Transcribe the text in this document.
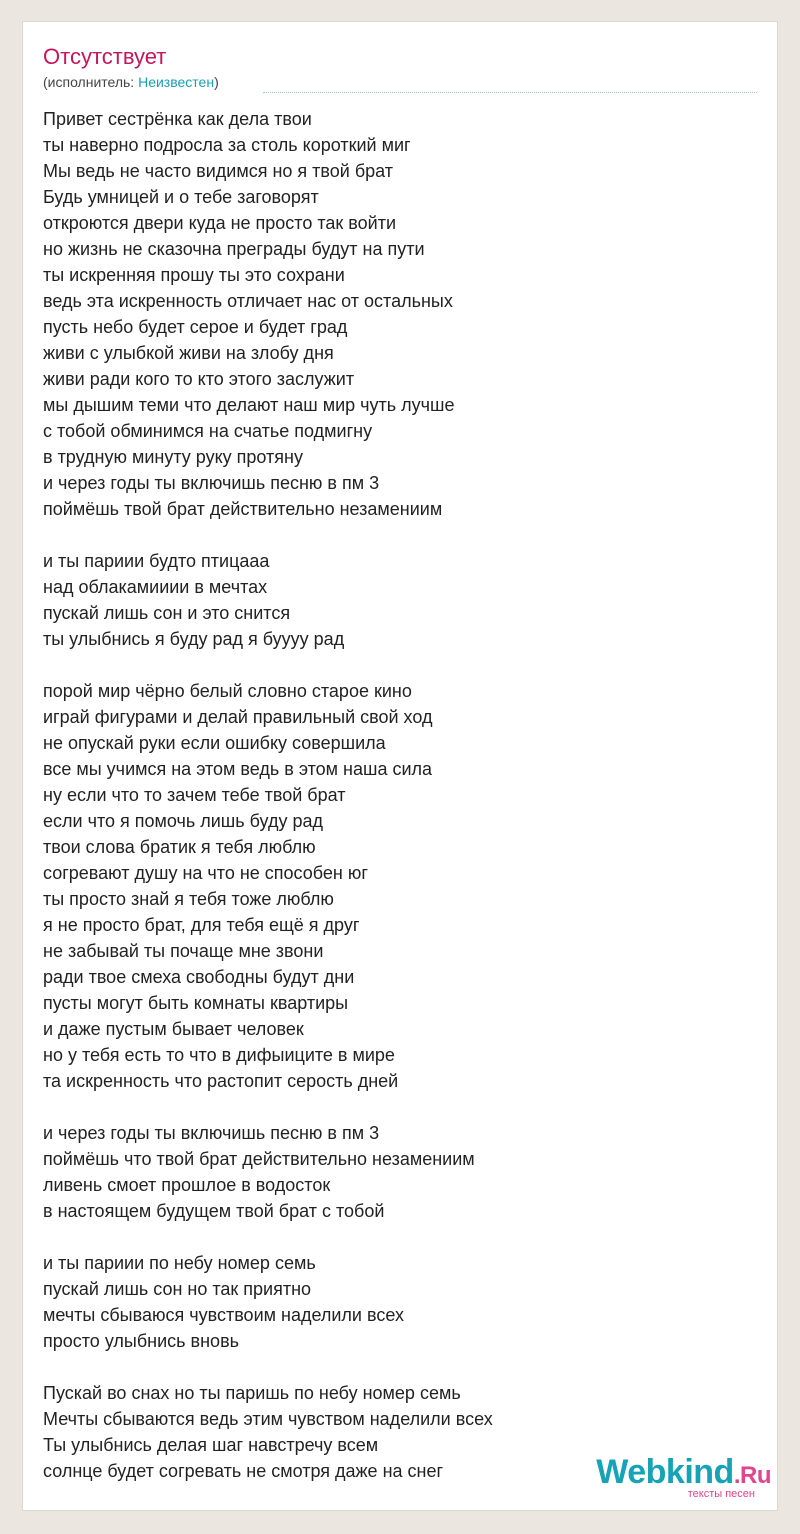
Отсутствует
(исполнитель: Неизвестен)
Привет сестрёнка как дела твои
ты наверно подросла за столь короткий миг
Мы ведь не часто видимся но я твой брат
Будь умницей и о тебе заговорят
откроются двери куда не просто так войти
но жизнь не сказочна преграды будут на пути
ты искренняя прошу ты это сохрани
ведь эта искренность отличает нас от остальных
пусть небо будет серое и будет град
живи с улыбкой живи на злобу дня
живи ради кого то кто этого заслужит
мы дышим теми что делают наш мир чуть лучше
с тобой обминимся на счатье подмигну
в трудную минуту руку протяну
и через годы ты включишь песню в пм 3
поймёшь твой брат действительно незамениим
и ты париии будто птицааа
над облакамииии в мечтах
пускай лишь сон и это снится
ты улыбнись я буду рад я буууу рад
порой мир чёрно белый словно старое кино
играй фигурами и делай правильный свой ход
не опускай руки если ошибку совершила
все мы учимся на этом ведь в этом наша сила
ну если что то зачем тебе твой брат
если что я помочь лишь буду рад
твои слова братик я тебя люблю
согревают душу на что не способен юг
ты просто знай я тебя тоже люблю
я не просто брат, для тебя ещё я друг
не забывай ты почаще мне звони
ради твое смеха свободны будут дни
пусты могут быть комнаты квартиры
и даже пустым бывает человек
но у тебя есть то что в дифыиците в мире
та искренность что растопит серость дней
и через годы ты включишь песню в пм 3
поймёшь что твой брат действительно незамениим
ливень смоет прошлое в водосток
в настоящем будущем твой брат с тобой
и ты париии по небу номер семь
пускай лишь сон но так приятно
мечты сбываюся чувствоим наделили всех
просто улыбнись вновь
Пускай во снах но ты паришь по небу номер семь
Мечты сбываются ведь этим чувством наделили всех
Ты улыбнись делая шаг навстречу всем
солнце будет согревать не смотря даже на снег	Webkind.Ru
тексты песен
